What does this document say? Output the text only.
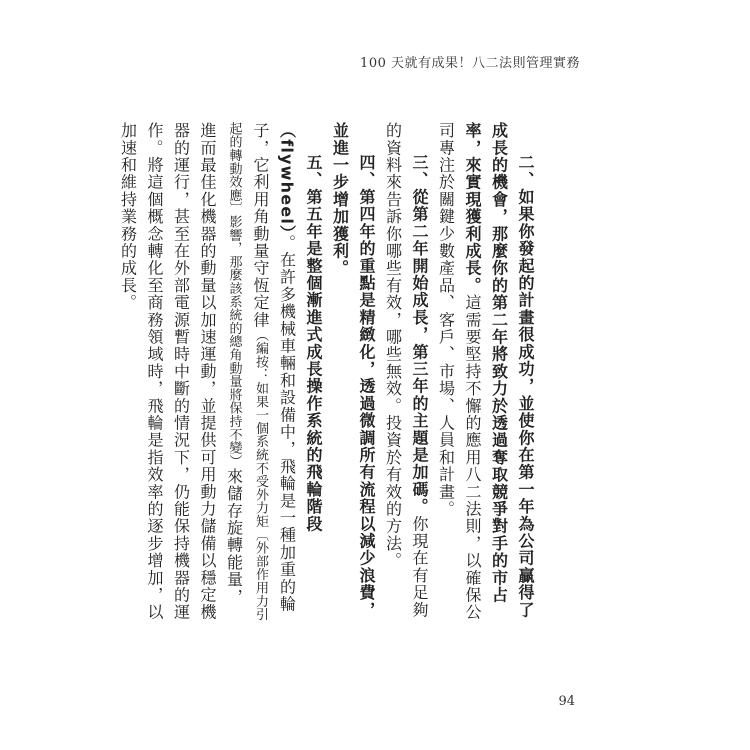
100 天就有成果！八二法則管理實務

二、如果你發起的計畫很成功，並使你在第一年為公司贏得了成長的機會，那麼你的第二年將致力於透過奪取競爭對手的市占率，來實現獲利成長。這需要堅持不懈的應用八二法則，以確保公司專注於關鍵少數產品、客戶、市場、人員和計畫。

三、從第二年開始成長，第三年的主題是加碼。你現在有足夠的資料來告訴你哪些有效，哪些無效。投資於有效的方法。

四、第四年的重點是精緻化，透過微調所有流程以減少浪費，並進一步增加獲利。

五、第五年是整個漸進式成長操作系統的飛輪階段（flywheel）。在許多機械車輛和設備中，飛輪是一種加重的輪子，它利用角動量守恆定律（編按：如果一個系統不受外力矩〔外部作用力引起的轉動效應〕影響，那麼該系統的總角動量將保持不變）來儲存旋轉能量，進而最佳化機器的動量以加速運動，並提供可用動力儲備以穩定機器的運行，甚至在外部電源暫時中斷的情況下，仍能保持機器的運作。將這個概念轉化至商務領域時，飛輪是指效率的逐步增加，以加速和維持業務的成長。

94
